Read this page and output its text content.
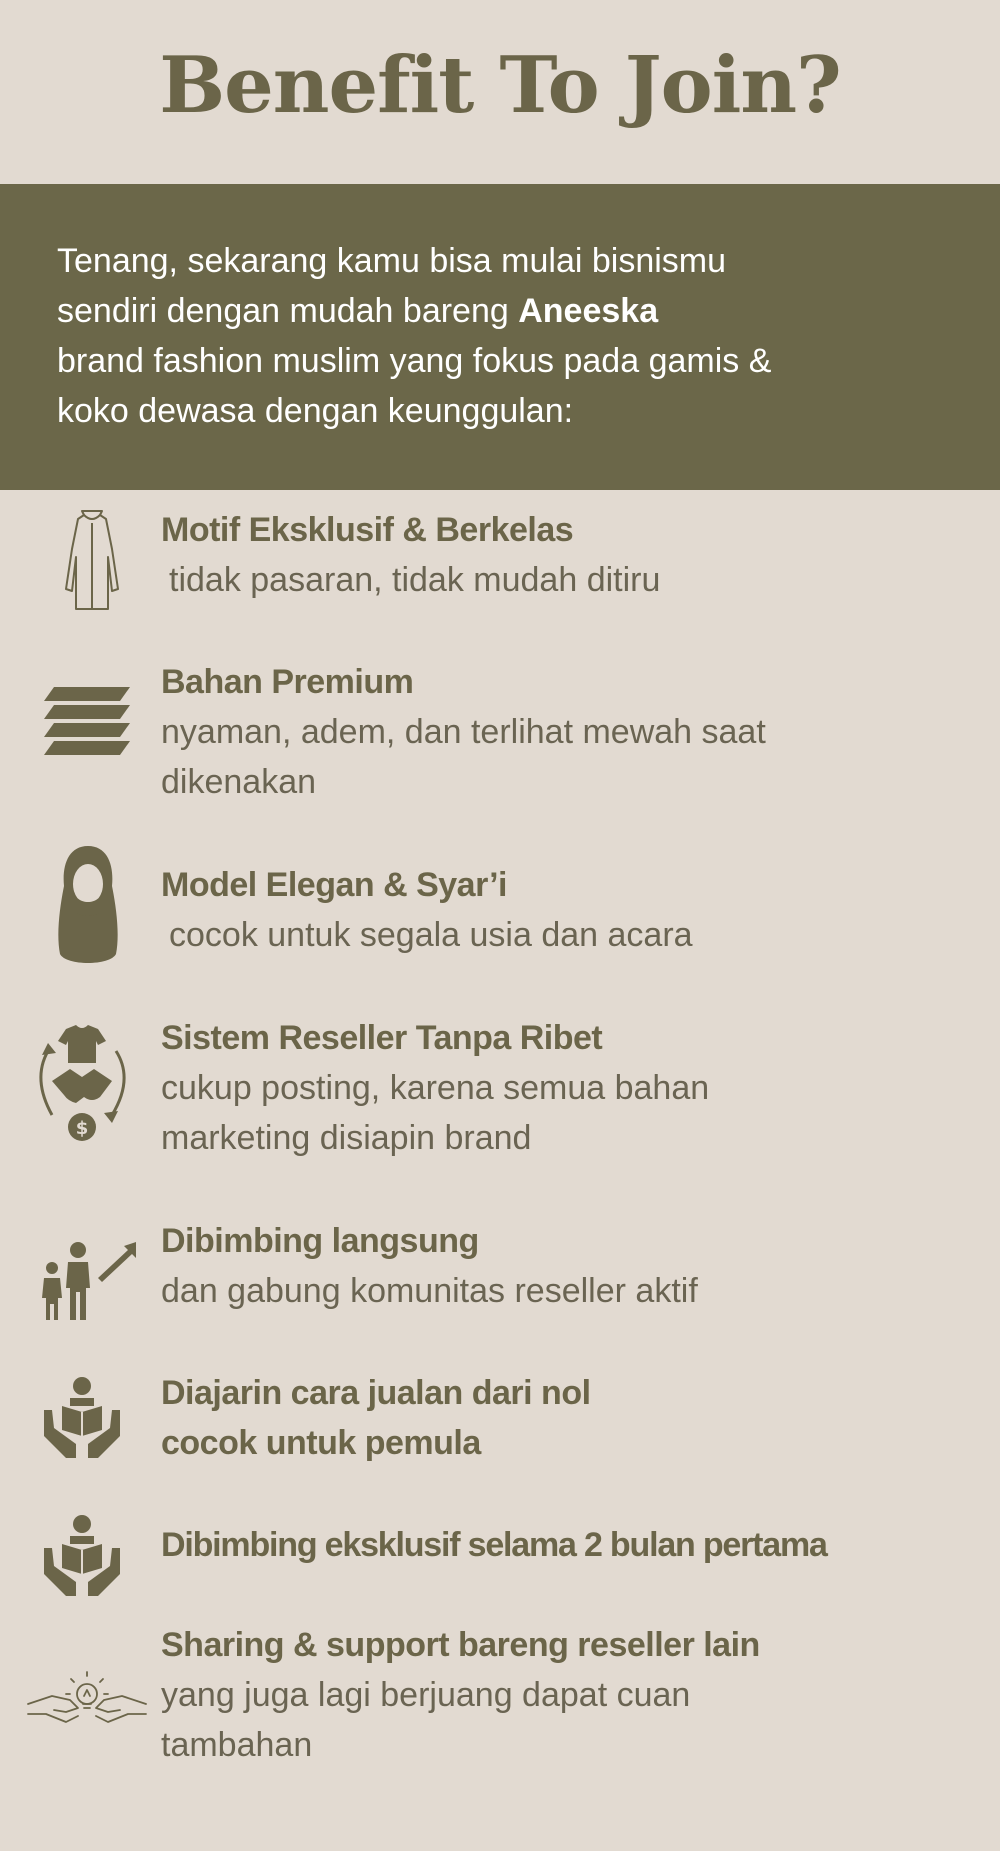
Benefit To Join?
Tenang, sekarang kamu bisa mulai bisnismu
sendiri dengan mudah bareng Aneeska
brand fashion muslim yang fokus pada gamis &
koko dewasa dengan keunggulan:
Motif Eksklusif & Berkelas
tidak pasaran, tidak mudah ditiru
Bahan Premium
nyaman, adem, dan terlihat mewah saat
dikenakan
Model Elegan & Syar’i
cocok untuk segala usia dan acara
$
Sistem Reseller Tanpa Ribet
cukup posting, karena semua bahan
marketing disiapin brand
Dibimbing langsung
dan gabung komunitas reseller aktif
Diajarin cara jualan dari nol
cocok untuk pemula
Dibimbing eksklusif selama 2 bulan pertama
Sharing & support bareng reseller lain
yang juga lagi berjuang dapat cuan
tambahan
